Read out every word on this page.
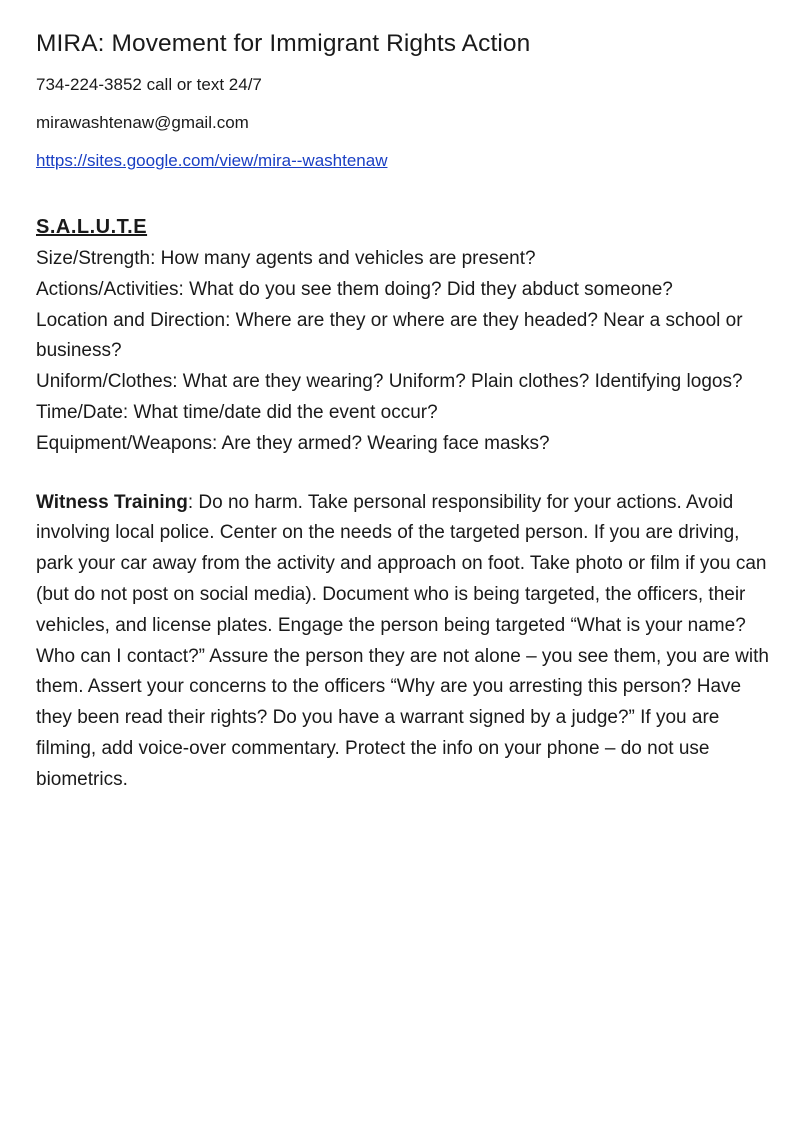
MIRA: Movement for Immigrant Rights Action
734-224-3852 call or text 24/7
mirawashtenaw@gmail.com
https://sites.google.com/view/mira--washtenaw
S.A.L.U.T.E
Size/Strength: How many agents and vehicles are present?
Actions/Activities: What do you see them doing? Did they abduct someone?
Location and Direction: Where are they or where are they headed? Near a school or business?
Uniform/Clothes: What are they wearing? Uniform? Plain clothes? Identifying logos?
Time/Date: What time/date did the event occur?
Equipment/Weapons: Are they armed? Wearing face masks?

Witness Training: Do no harm. Take personal responsibility for your actions. Avoid involving local police. Center on the needs of the targeted person. If you are driving, park your car away from the activity and approach on foot. Take photo or film if you can (but do not post on social media). Document who is being targeted, the officers, their vehicles, and license plates. Engage the person being targeted “What is your name? Who can I contact?” Assure the person they are not alone – you see them, you are with them. Assert your concerns to the officers “Why are you arresting this person? Have they been read their rights? Do you have a warrant signed by a judge?” If you are filming, add voice-over commentary. Protect the info on your phone – do not use biometrics.
